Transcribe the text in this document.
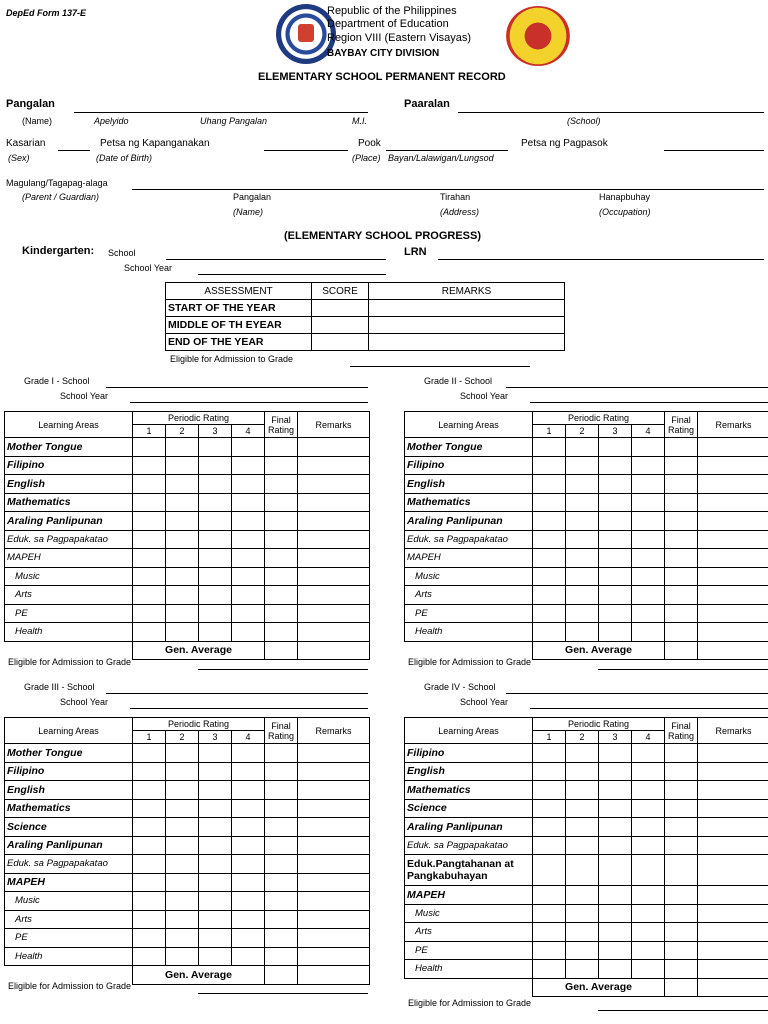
DepEd Form 137-E	Republic of the Philippines
Department of Education
Region VIII (Eastern Visayas)
BAYBAY CITY DIVISION
ELEMENTARY SCHOOL PERMANENT RECORD
Pangalan
(Name)	Apelyido	Uhang Pangalan	M.I.
Paaralan
(School)
Kasarian
(Sex)
Petsa ng Kapanganakan
(Date of Birth)
Pook
(Place) Bayan/Lalawigan/Lungsod
Petsa ng Pagpasok
Magulang/Tagapag-alaga
(Parent / Guardian)	Pangalan
(Name)
Tirahan
(Address)
Hanapbuhay
(Occupation)
(ELEMENTARY SCHOOL PROGRESS)
Kindergarten: School	LRN
School Year
ASSESSMENT	SCORE	REMARKS
START OF THE YEAR		
MIDDLE OF TH EYEAR		
END OF THE YEAR		
Eligible for Admission to Grade
Grade I - School
School Year
Learning Areas	Periodic Rating				Final Rating	Remarks
	1	2	3	4		
Mother Tongue						
Filipino						
English						
Mathematics						
Araling Panlipunan						
Eduk. sa Pagpapakatao						
MAPEH						
Music						
Arts						
PE						
Health						
	Gen. Average					
Eligible for Admission to Grade
Grade II - School
School Year
Learning Areas	Periodic Rating				Final Rating	Remarks
	1	2	3	4		
Mother Tongue						
Filipino						
English						
Mathematics						
Araling Panlipunan						
Eduk. sa Pagpapakatao						
MAPEH						
Music						
Arts						
PE						
Health						
	Gen. Average					
Eligible for Admission to Grade
Grade III - School
School Year
Learning Areas	Periodic Rating				Final Rating	Remarks
	1	2	3	4		
Mother Tongue						
Filipino						
English						
Mathematics						
Science						
Araling Panlipunan						
Eduk. sa Pagpapakatao						
MAPEH						
Music						
Arts						
PE						
Health						
	Gen. Average					
Eligible for Admission to Grade
Grade IV - School
School Year
Learning Areas	Periodic Rating				Final Rating	Remarks
	1	2	3	4		
Filipino						
English						
Mathematics						
Science						
Araling Panlipunan						
Eduk. sa Pagpapakatao						
Eduk.Pangtahanan at Pangkabuhayan						
MAPEH						
Music						
Arts						
PE						
Health						
	Gen. Average					
Eligible for Admission to Grade
